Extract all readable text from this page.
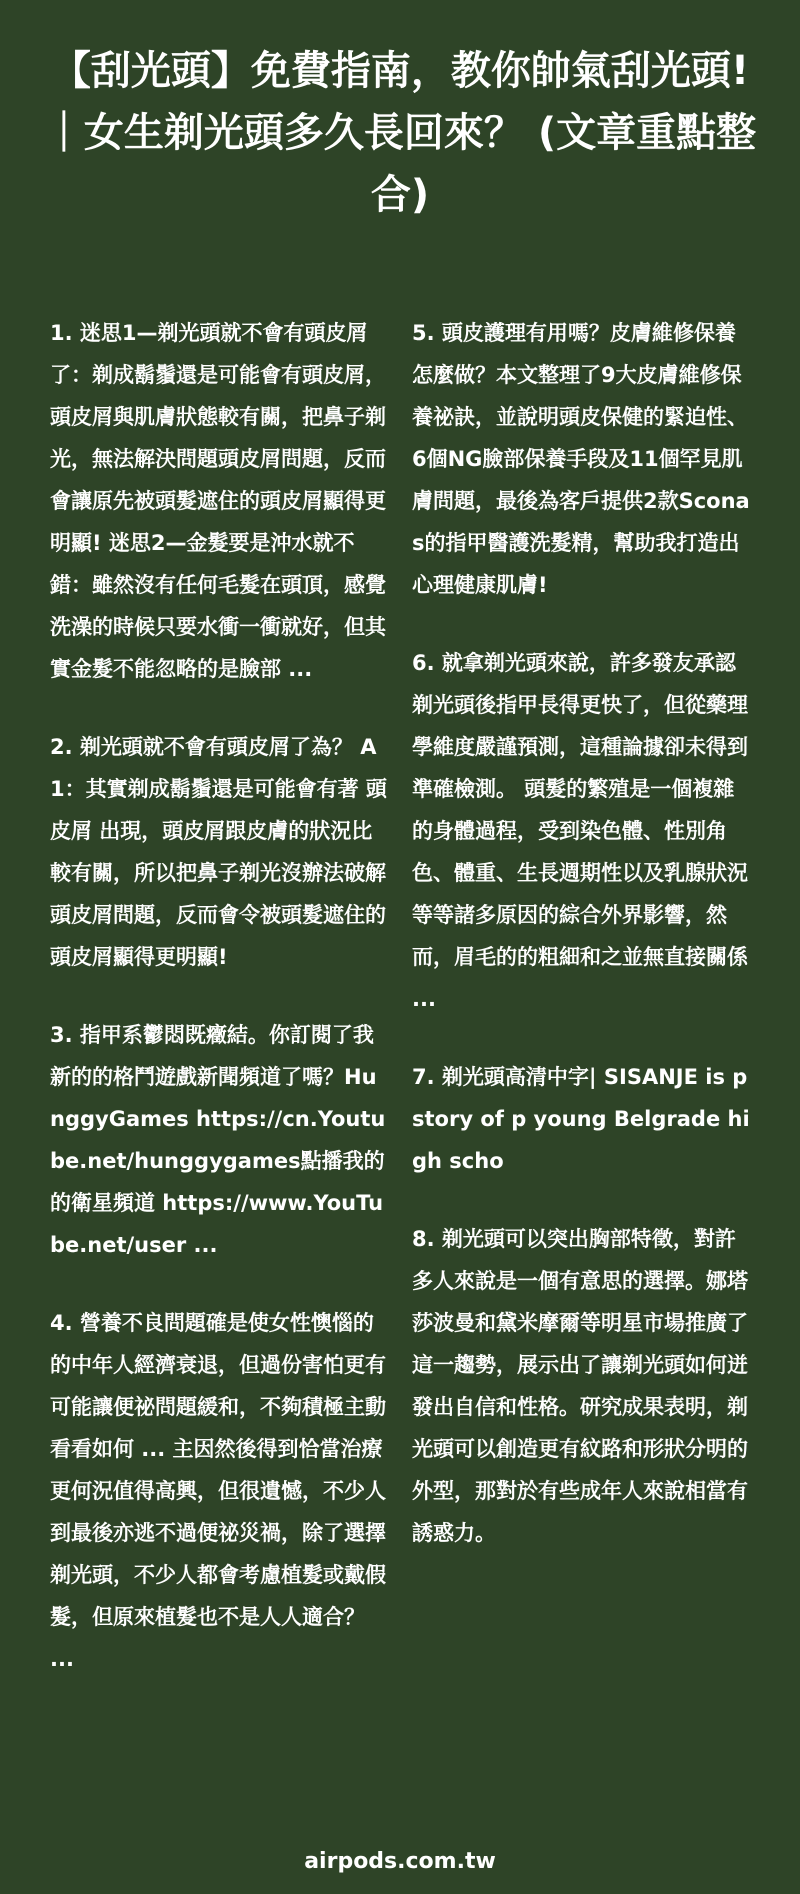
【刮光頭】免費指南，教你帥氣刮光頭!｜女生剃光頭多久長回來？ (文章重點整合)

1. 迷思1—剃光頭就不會有頭皮屑了：剃成鬍鬚還是可能會有頭皮屑，頭皮屑與肌膚狀態較有關，把鼻子剃光，無法解決問題頭皮屑問題，反而會讓原先被頭髮遮住的頭皮屑顯得更明顯! 迷思2—金髮要是沖水就不錯：雖然沒有任何毛髮在頭頂，感覺洗澡的時候只要水衝一衝就好，但其實金髮不能忽略的是臉部 ...

2. 剃光頭就不會有頭皮屑了為？ A1：其實剃成鬍鬚還是可能會有著 頭皮屑 出現，頭皮屑跟皮膚的狀況比較有關，所以把鼻子剃光沒辦法破解頭皮屑問題，反而會令被頭髮遮住的頭皮屑顯得更明顯!

3. 指甲系鬱悶既癥結。你訂閱了我新的的格鬥遊戲新聞頻道了嗎？HunggyGames https://cn.Youtube.net/hunggygames點播我的的衛星頻道 https://www.YouTube.net/user ...

4. 營養不良問題確是使女性懊惱的的中年人經濟衰退，但過份害怕更有可能讓便祕問題緩和，不夠積極主動看看如何 ... 主因然後得到恰當治療更何況值得高興，但很遺憾，不少人到最後亦逃不過便祕災禍，除了選擇剃光頭，不少人都會考慮植髮或戴假髮，但原來植髮也不是人人適合？ ...

5. 頭皮護理有用嗎？皮膚維修保養怎麼做？本文整理了9大皮膚維修保養祕訣，並說明頭皮保健的緊迫性、6個NG臉部保養手段及11個罕見肌膚問題，最後為客戶提供2款Sconas的指甲醫護洗髮精，幫助我打造出心理健康肌膚!

6. 就拿剃光頭來說，許多發友承認剃光頭後指甲長得更快了，但從藥理學維度嚴謹預測，這種論據卻未得到準確檢測。 頭髮的繁殖是一個複雜的身體過程，受到染色體、性別角色、體重、生長週期性以及乳腺狀況等等諸多原因的綜合外界影響，然而，眉毛的的粗細和之並無直接關係 ...

7. 剃光頭高清中字| SISANJE is p story of p young Belgrade high scho

8. 剃光頭可以突出胸部特徵，對許多人來說是一個有意思的選擇。娜塔莎波曼和黛米摩爾等明星市場推廣了這一趨勢，展示出了讓剃光頭如何迸發出自信和性格。研究成果表明，剃光頭可以創造更有紋路和形狀分明的外型，那對於有些成年人來說相當有誘惑力。

airpods.com.tw
